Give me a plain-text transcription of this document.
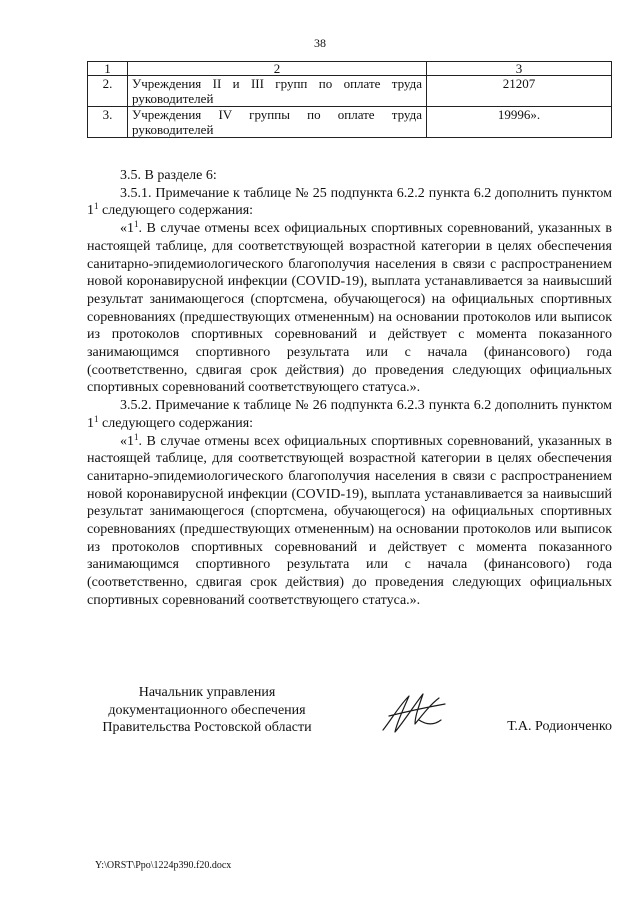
38
1	2	3
2.	Учреждения II и III групп по оплате труда руководителей	21207
3.	Учреждения IV группы по оплате труда руководителей	19996».

3.5. В разделе 6:

3.5.1. Примечание к таблице № 25 подпункта 6.2.2 пункта 6.2 дополнить пунктом $1^1$ следующего содержания:

«$1^1$. В случае отмены всех официальных спортивных соревнований, указанных в настоящей таблице, для соответствующей возрастной категории в целях обеспечения санитарно-эпидемиологического благополучия населения в связи с распространением новой коронавирусной инфекции (COVID-19), выплата устанавливается за наивысший результат занимающегося (спортсмена, обучающегося) на официальных спортивных соревнованиях (предшествующих отмененным) на основании протоколов или выписок из протоколов спортивных соревнований и действует с момента показанного занимающимся спортивного результата или с начала (финансового) года (соответственно, сдвигая срок действия) до проведения следующих официальных спортивных соревнований соответствующего статуса.».

3.5.2. Примечание к таблице № 26 подпункта 6.2.3 пункта 6.2 дополнить пунктом $1^1$ следующего содержания:

«$1^1$. В случае отмены всех официальных спортивных соревнований, указанных в настоящей таблице, для соответствующей возрастной категории в целях обеспечения санитарно-эпидемиологического благополучия населения в связи с распространением новой коронавирусной инфекции (COVID-19), выплата устанавливается за наивысший результат занимающегося (спортсмена, обучающегося) на официальных спортивных соревнованиях (предшествующих отмененным) на основании протоколов или выписок из протоколов спортивных соревнований и действует с момента показанного занимающимся спортивного результата или с начала (финансового) года (соответственно, сдвигая срок действия) до проведения следующих официальных спортивных соревнований соответствующего статуса.».

Начальник управления
документационного обеспечения
Правительства Ростовской области	Т.А. Родионченко
Y:\ORST\Ppo\1224p390.f20.docx
